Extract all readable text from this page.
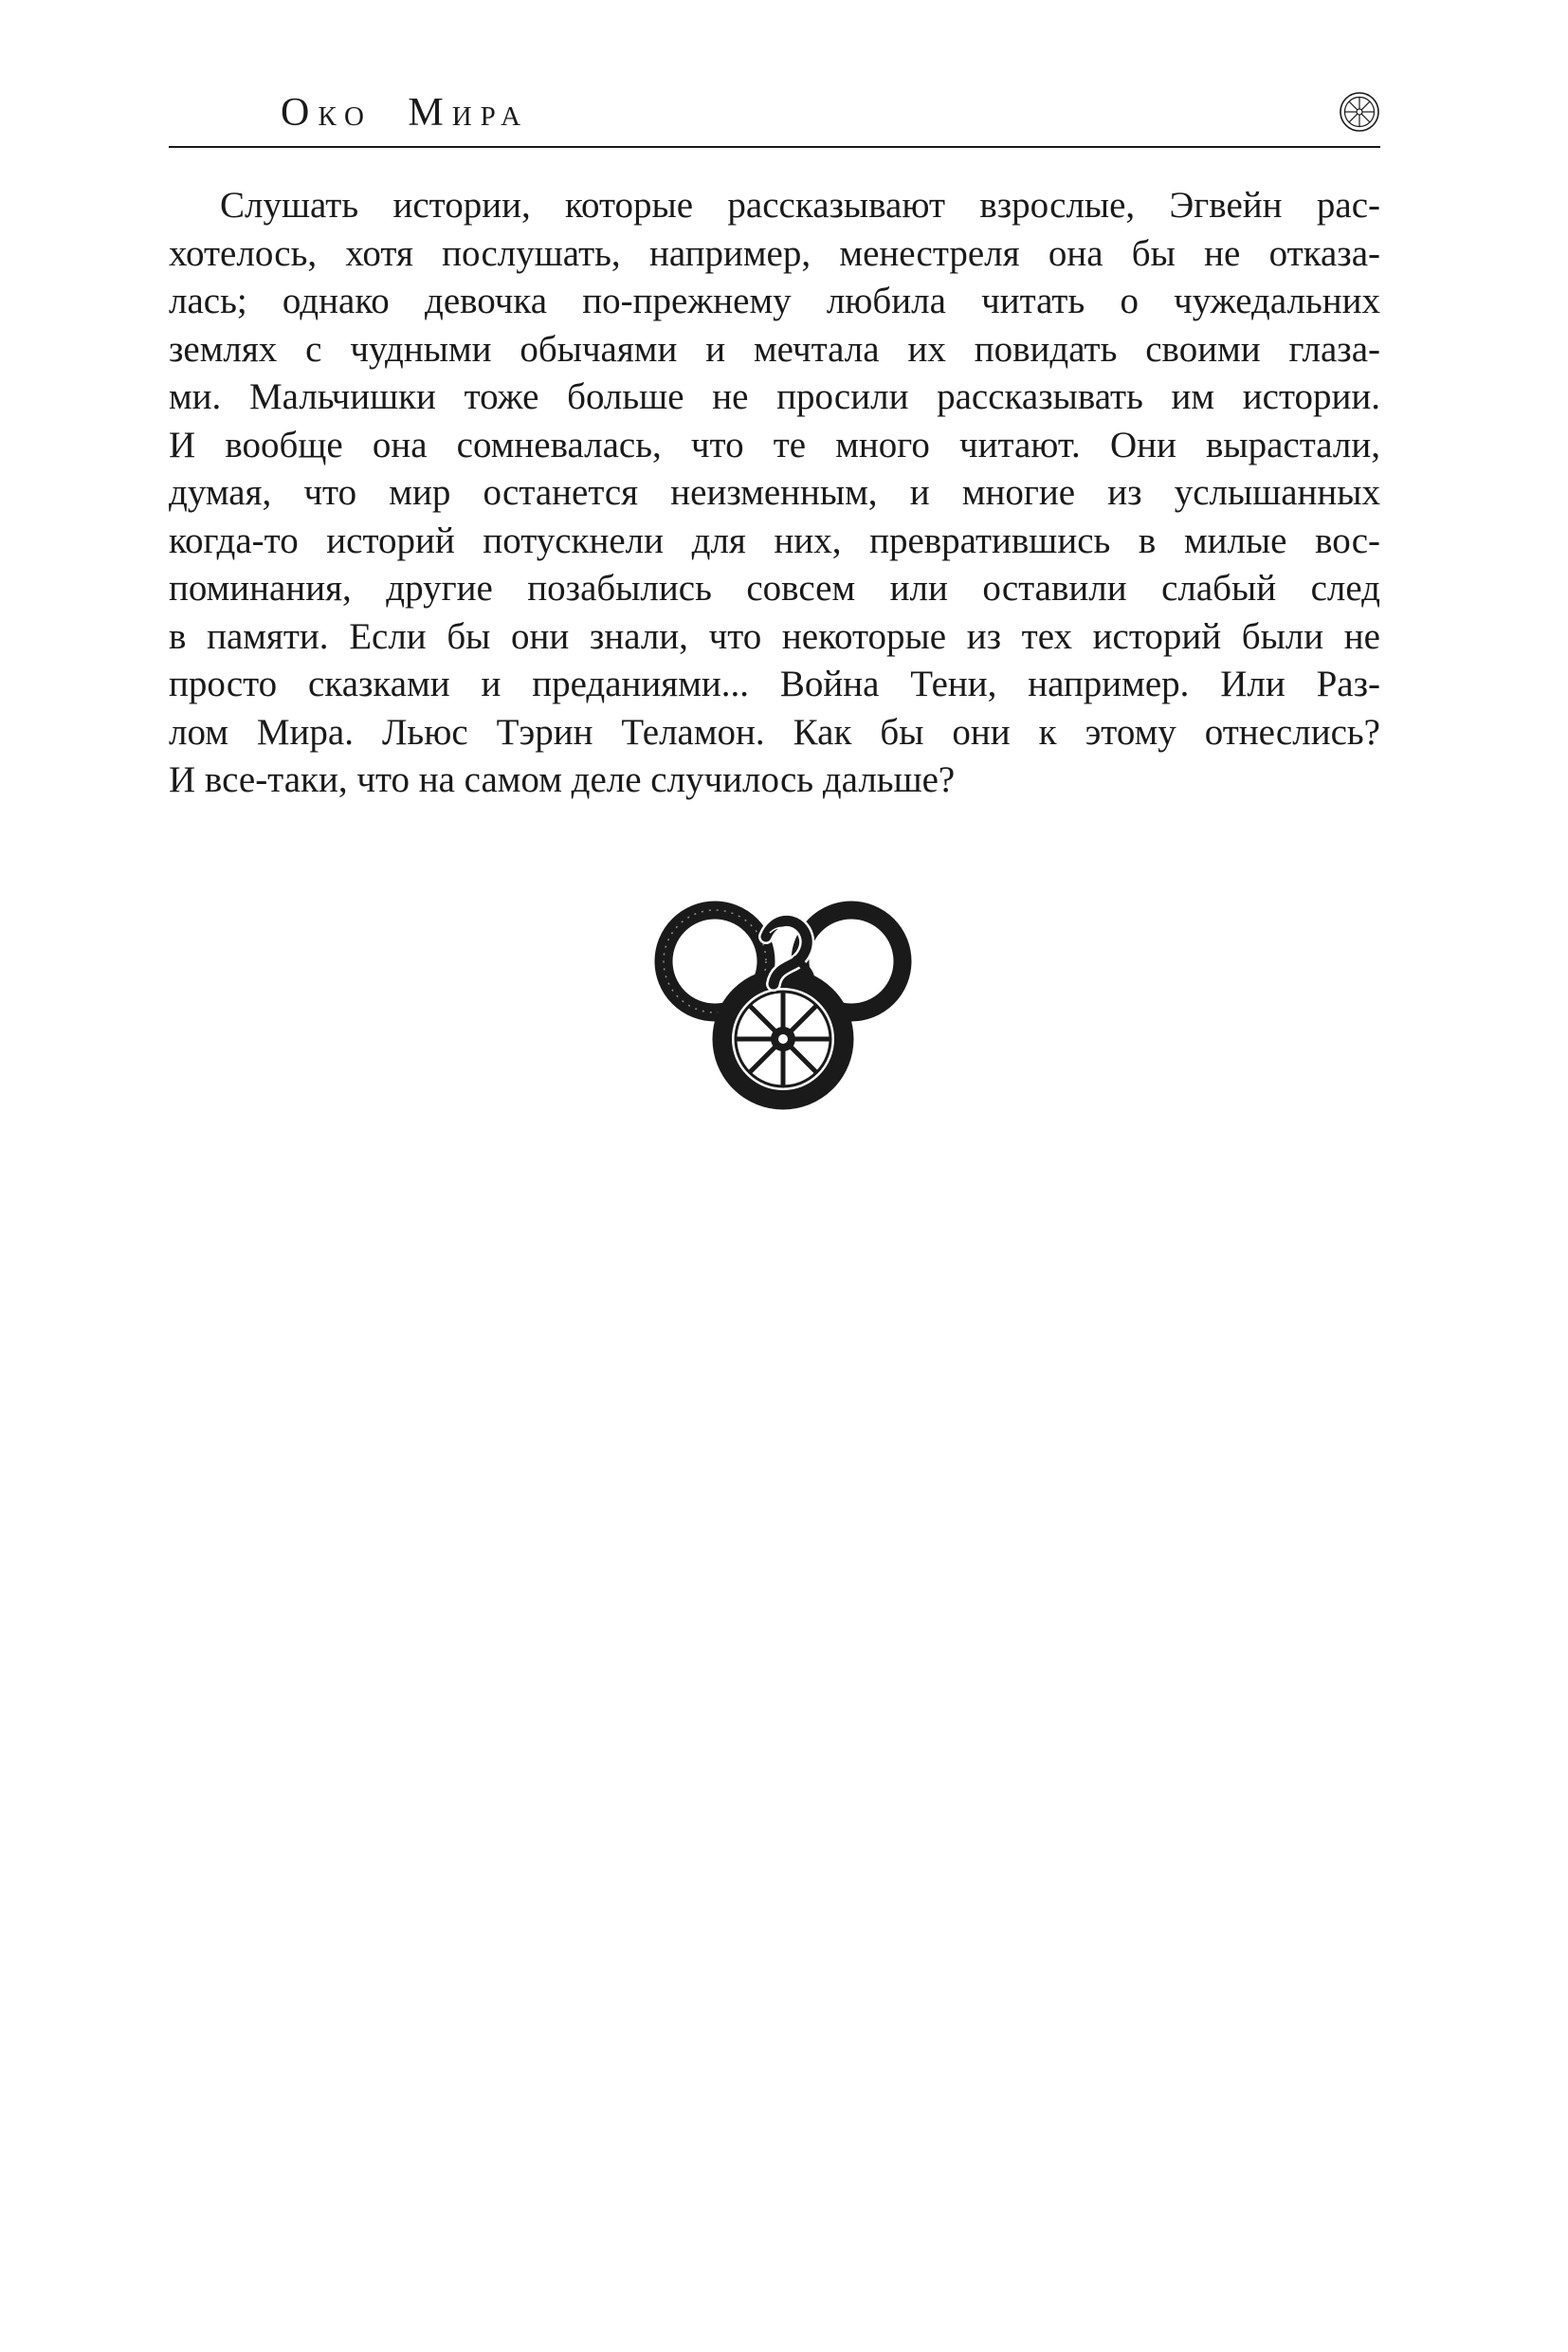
Око Мира
Слушать истории, которые рассказывают взрослые, Эгвейн рас-
хотелось, хотя послушать, например, менестреля она бы не отказа-
лась; однако девочка по-прежнему любила читать о чужедальних
землях с чудными обычаями и мечтала их повидать своими глаза-
ми. Мальчишки тоже больше не просили рассказывать им истории.
И вообще она сомневалась, что те много читают. Они вырастали,
думая, что мир останется неизменным, и многие из услышанных
когда-то историй потускнели для них, превратившись в милые вос-
поминания, другие позабылись совсем или оставили слабый след
в памяти. Если бы они знали, что некоторые из тех историй были не
просто сказками и преданиями... Война Тени, например. Или Раз-
лом Мира. Льюс Тэрин Теламон. Как бы они к этому отнеслись?
И все-таки, что на самом деле случилось дальше?
